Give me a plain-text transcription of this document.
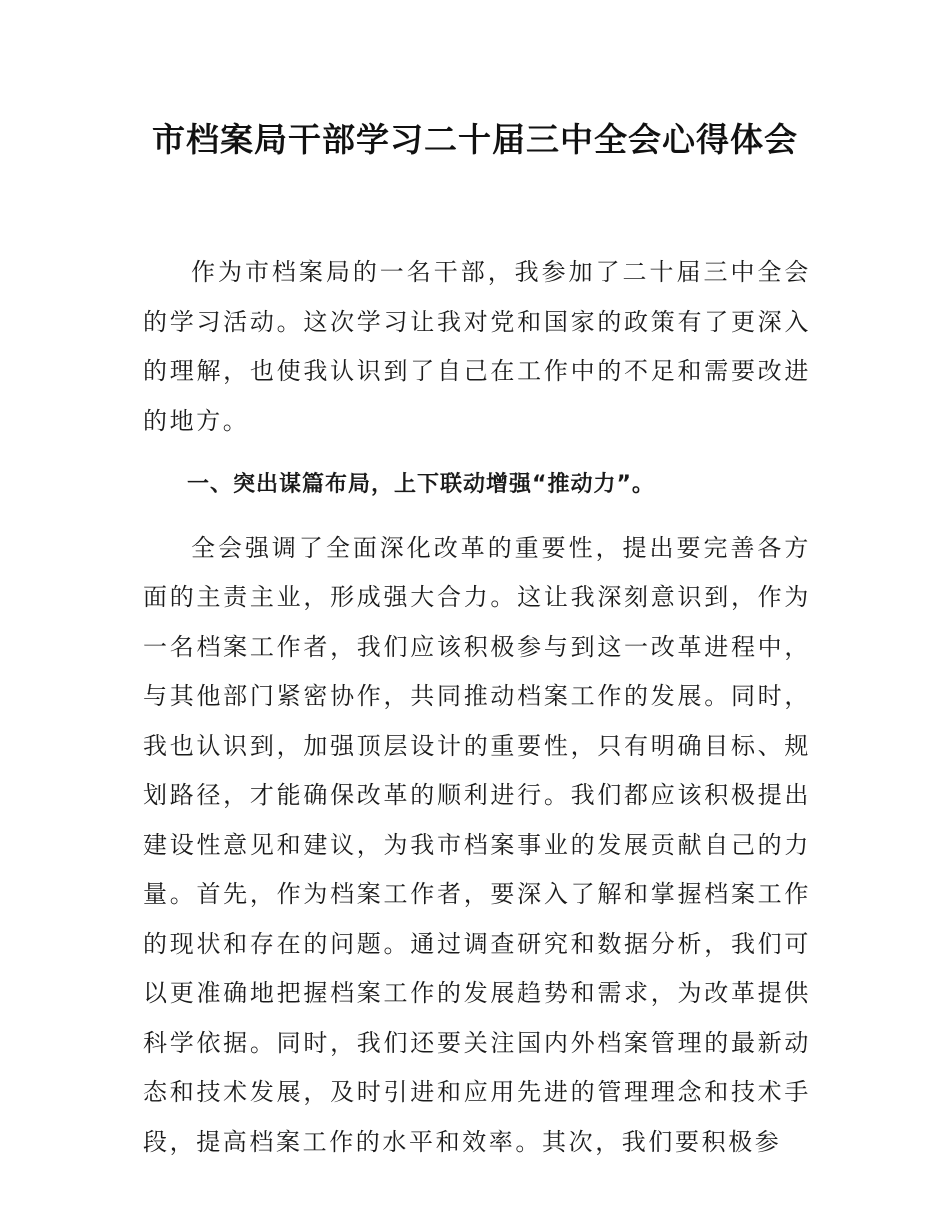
市档案局干部学习二十届三中全会心得体会

作为市档案局的一名干部，我参加了二十届三中全会的学习活动。这次学习让我对党和国家的政策有了更深入的理解，也使我认识到了自己在工作中的不足和需要改进的地方。

一、突出谋篇布局，上下联动增强“推动力”。

全会强调了全面深化改革的重要性，提出要完善各方面的主责主业，形成强大合力。这让我深刻意识到，作为一名档案工作者，我们应该积极参与到这一改革进程中，与其他部门紧密协作，共同推动档案工作的发展。同时，我也认识到，加强顶层设计的重要性，只有明确目标、规划路径，才能确保改革的顺利进行。我们都应该积极提出建设性意见和建议，为我市档案事业的发展贡献自己的力量。首先，作为档案工作者，要深入了解和掌握档案工作的现状和存在的问题。通过调查研究和数据分析，我们可以更准确地把握档案工作的发展趋势和需求，为改革提供科学依据。同时，我们还要关注国内外档案管理的最新动态和技术发展，及时引进和应用先进的管理理念和技术手段，提高档案工作的水平和效率。其次，我们要积极参
